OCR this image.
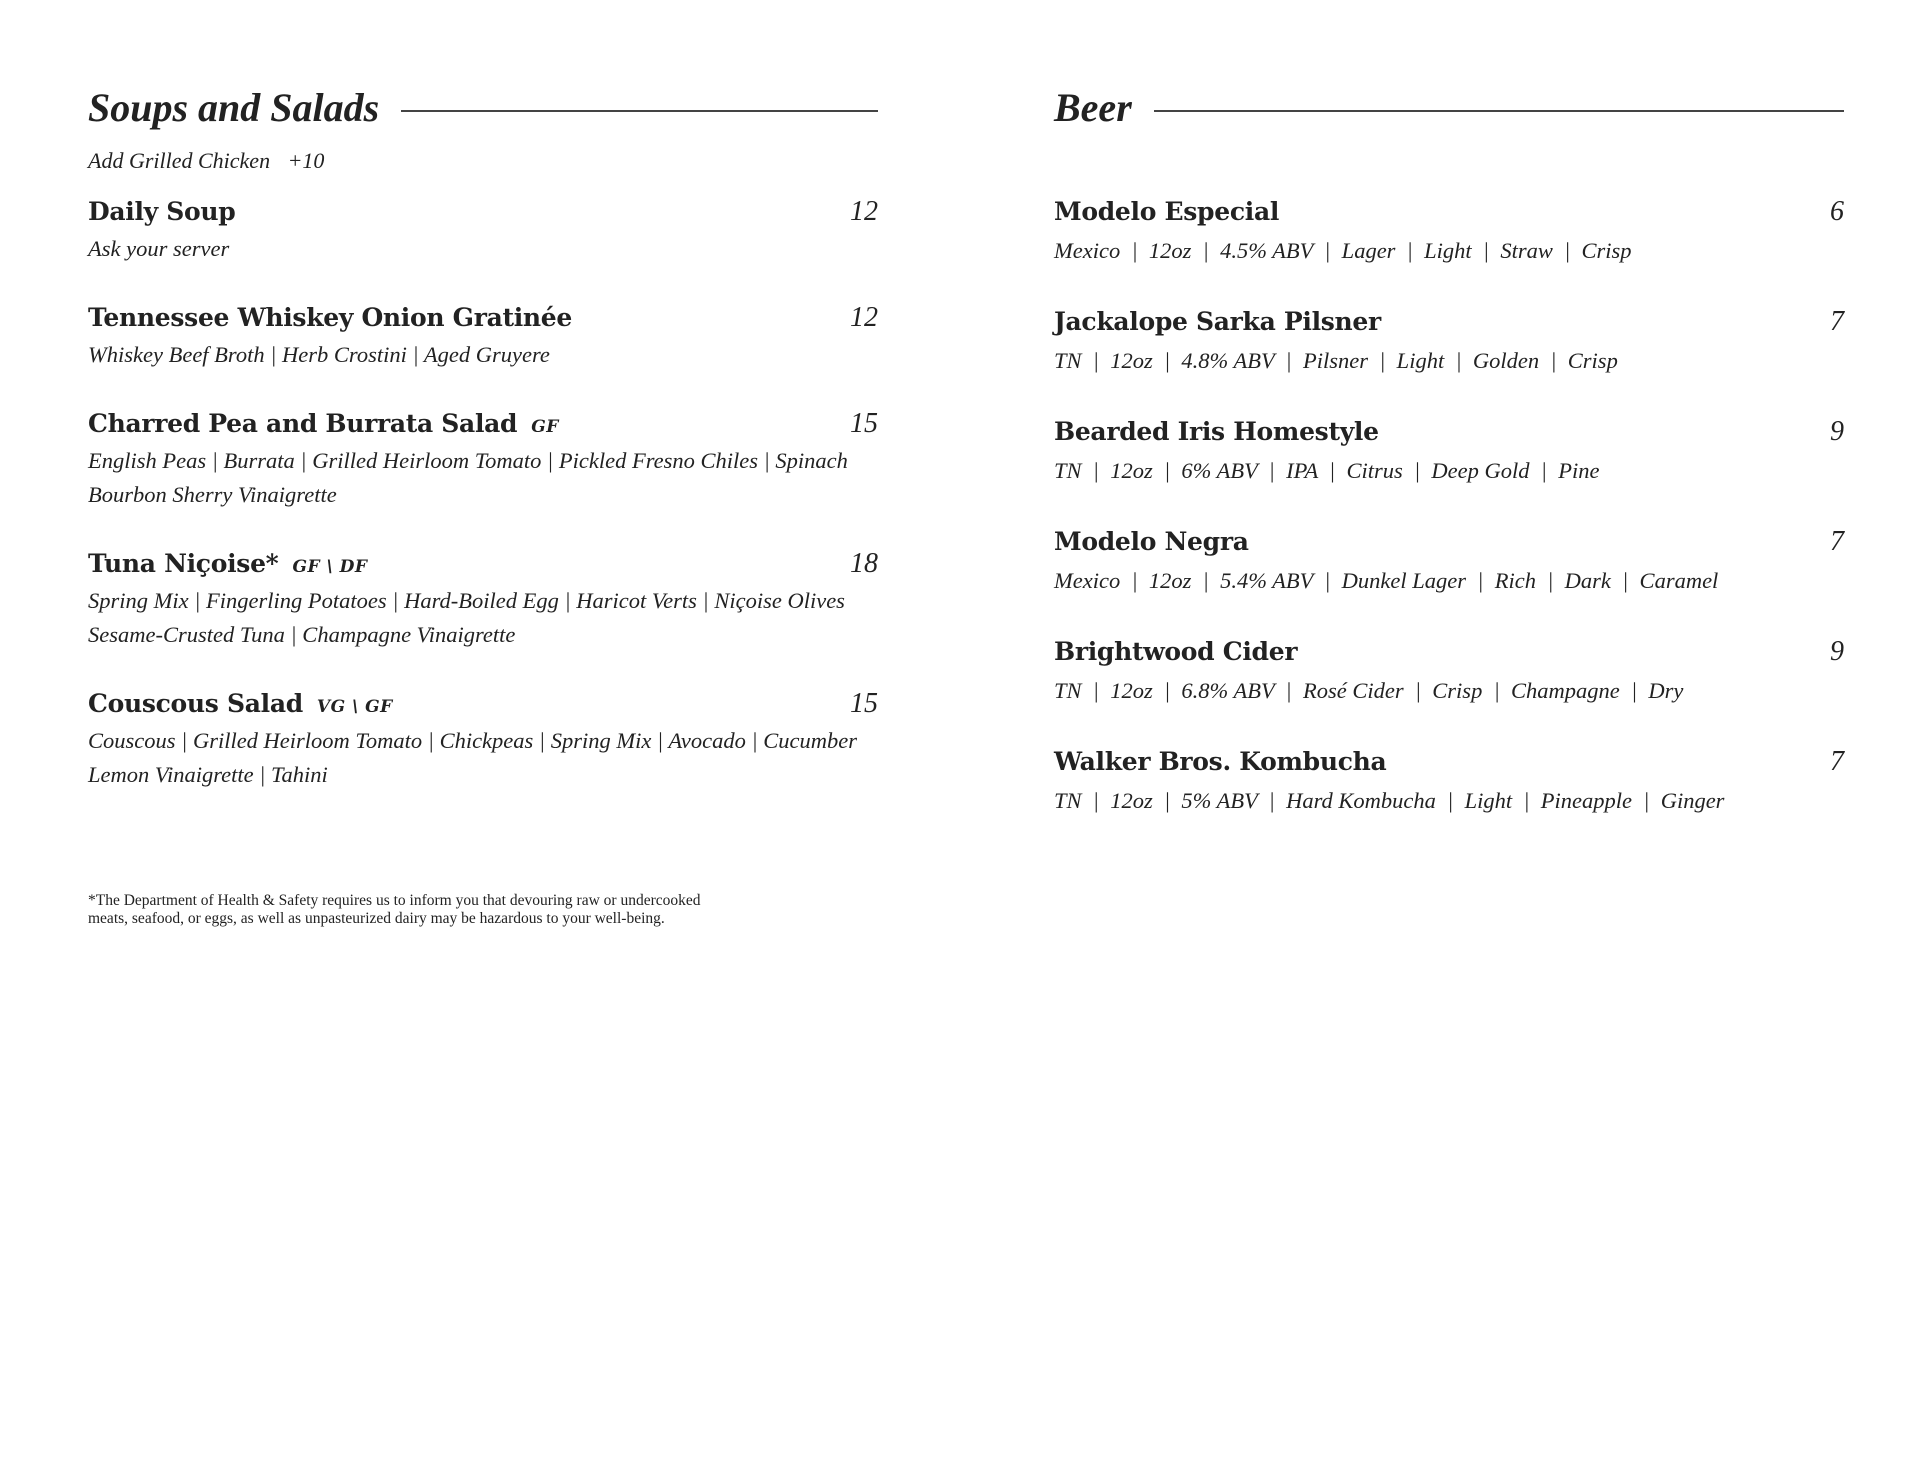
Soups and Salads
Add Grilled Chicken +10
Daily Soup	12
Ask your server
Tennessee Whiskey Onion Gratinée	12
Whiskey Beef Broth | Herb Crostini | Aged Gruyere
Charred Pea and Burrata Salad GF	15
English Peas | Burrata | Grilled Heirloom Tomato | Pickled Fresno Chiles | Spinach
Bourbon Sherry Vinaigrette
Tuna Niçoise* GF \ DF	18
Spring Mix | Fingerling Potatoes | Hard-Boiled Egg | Haricot Verts | Niçoise Olives
Sesame-Crusted Tuna | Champagne Vinaigrette
Couscous Salad VG \ GF	15
Couscous | Grilled Heirloom Tomato | Chickpeas | Spring Mix | Avocado | Cucumber
Lemon Vinaigrette | Tahini
Beer
Modelo Especial	6
Mexico  |  12oz  |  4.5% ABV  |  Lager  |  Light  |  Straw  |  Crisp
Jackalope Sarka Pilsner	7
TN  |  12oz  |  4.8% ABV  |  Pilsner  |  Light  |  Golden  |  Crisp
Bearded Iris Homestyle	9
TN  |  12oz  |  6% ABV  |  IPA  |  Citrus  |  Deep Gold  |  Pine
Modelo Negra	7
Mexico  |  12oz  |  5.4% ABV  |  Dunkel Lager  |  Rich  |  Dark  |  Caramel
Brightwood Cider	9
TN  |  12oz  |  6.8% ABV  |  Rosé Cider  |  Crisp  |  Champagne  |  Dry
Walker Bros. Kombucha	7
TN  |  12oz  |  5% ABV  |  Hard Kombucha  |  Light  |  Pineapple  |  Ginger
*The Department of Health & Safety requires us to inform you that devouring raw or undercooked
meats, seafood, or eggs, as well as unpasteurized dairy may be hazardous to your well-being.
